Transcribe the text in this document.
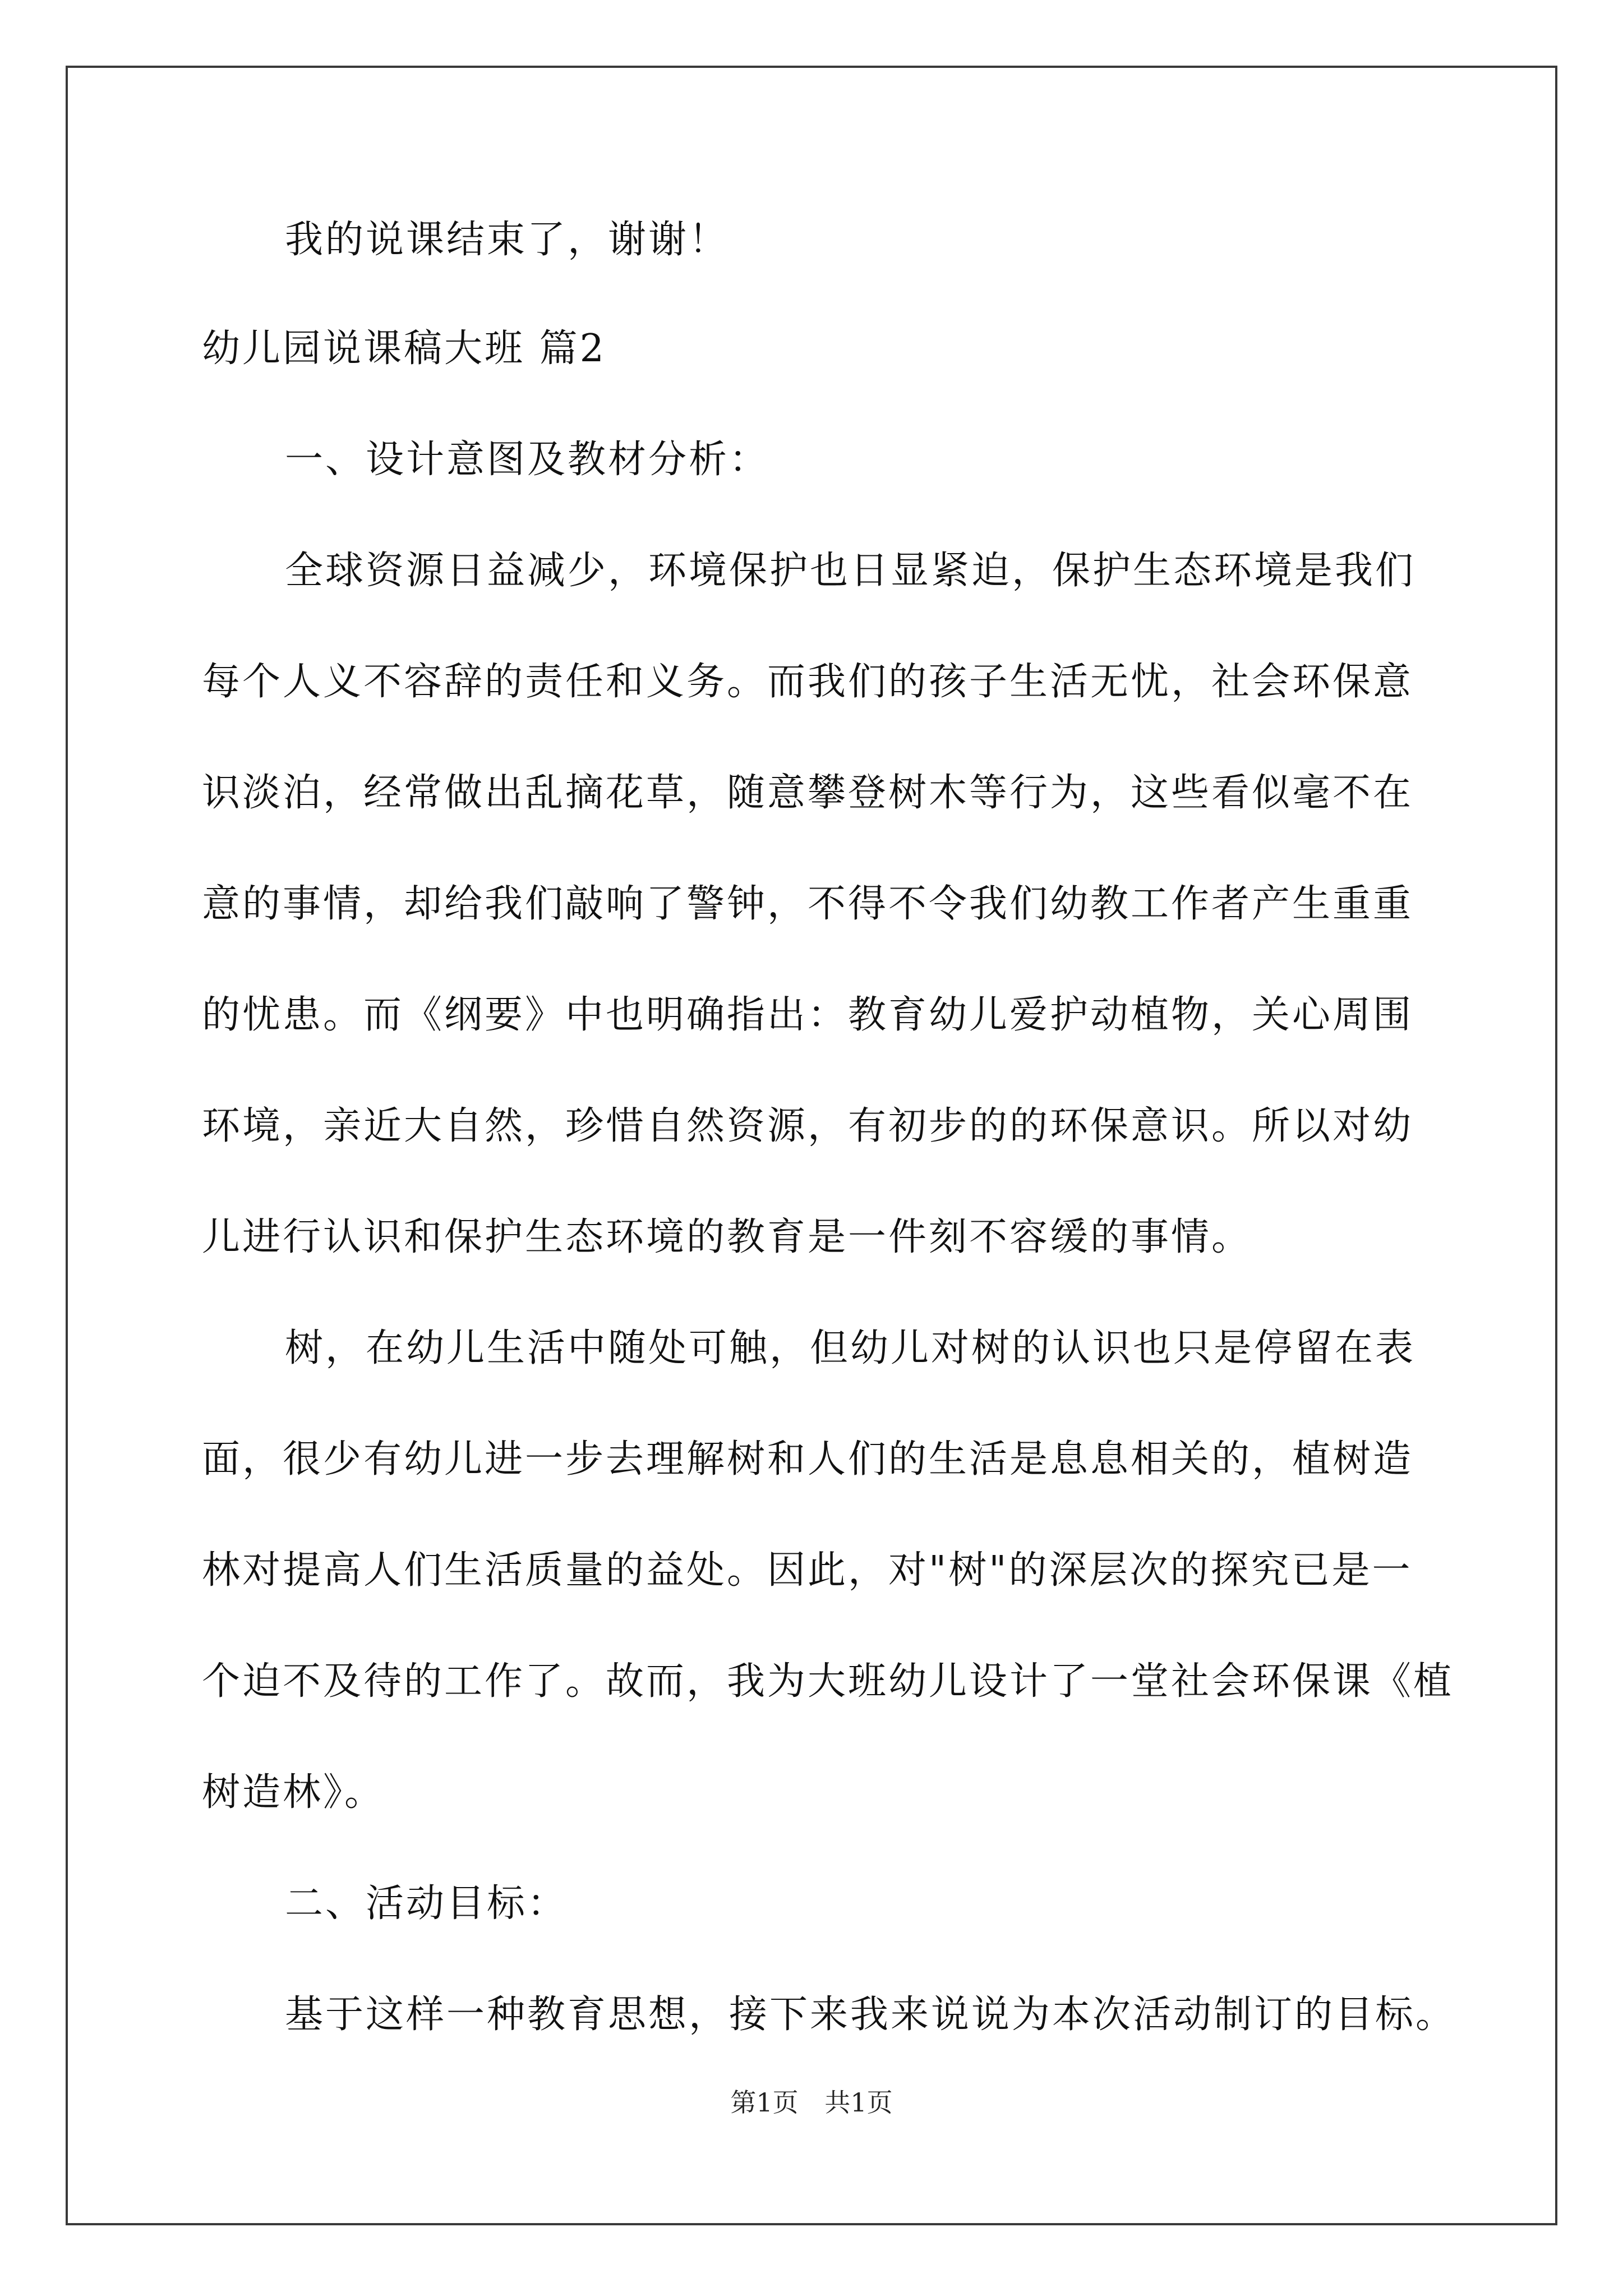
我的说课结束了，谢谢！
幼儿园说课稿大班 篇2
一、设计意图及教材分析：
全球资源日益减少，环境保护也日显紧迫，保护生态环境是我们
每个人义不容辞的责任和义务。而我们的孩子生活无忧，社会环保意
识淡泊，经常做出乱摘花草，随意攀登树木等行为，这些看似毫不在
意的事情，却给我们敲响了警钟，不得不令我们幼教工作者产生重重
的忧患。而《纲要》中也明确指出：教育幼儿爱护动植物，关心周围
环境，亲近大自然，珍惜自然资源，有初步的的环保意识。所以对幼
儿进行认识和保护生态环境的教育是一件刻不容缓的事情。
树，在幼儿生活中随处可触，但幼儿对树的认识也只是停留在表
面，很少有幼儿进一步去理解树和人们的生活是息息相关的，植树造
林对提高人们生活质量的益处。因此，对"树"的深层次的探究已是一
个迫不及待的工作了。故而，我为大班幼儿设计了一堂社会环保课《植
树造林》。
二、活动目标：
基于这样一种教育思想，接下来我来说说为本次活动制订的目标。
第1页 共1页
